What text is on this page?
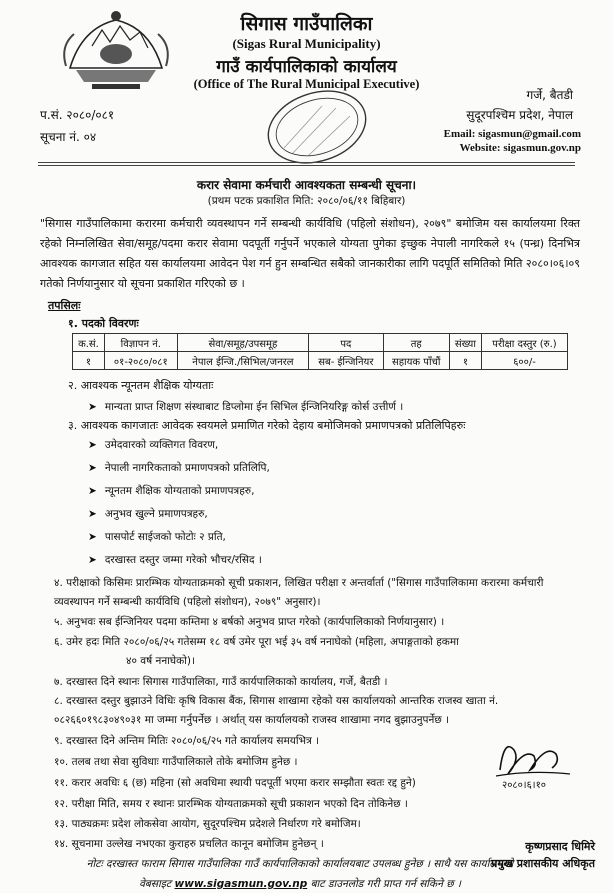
सिगास गाउँपालिका
(Sigas Rural Municipality)
गाउँ कार्यपालिकाको कार्यालय
(Office of The Rural Municipal Executive)
प.सं. २०८०/०८१
सूचना नं. ०४
गर्जे, बैतडी
सुदूरपश्चिम प्रदेश, नेपाल
Email: sigasmun@gmail.com
Website: sigasmun.gov.np
करार सेवामा कर्मचारी आवश्यकता सम्बन्धी सूचना।
(प्रथम पटक प्रकाशित मिति: २०८०/०६/११ बिहिबार)
"सिगास गाउँपालिकामा करारमा कर्मचारी व्यवस्थापन गर्ने सम्बन्धी कार्यविधि (पहिलो संशोधन), २०७९" बमोजिम यस कार्यालयमा रिक्त रहेको निम्नलिखित सेवा/समूह/पदमा करार सेवामा पदपूर्ती गर्नुपर्ने भएकाले योग्यता पुगेका इच्छुक नेपाली नागरिकले १५ (पन्ध्र) दिनभित्र आवश्यक कागजात सहित यस कार्यालयमा आवेदन पेश गर्न हुन सम्बन्धित सबैको जानकारीका लागि पदपूर्ति समितिको मिति २०८०।०६।०९ गतेको निर्णयानुसार यो सूचना प्रकाशित गरिएको छ ।
तपसिलः
१. पदको विवरणः
क.सं.	विज्ञापन नं.	सेवा/समूह/उपसमूह	पद	तह	संख्या	परीक्षा दस्तुर (रु.)
१	०१-२०८०/०८१	नेपाल ईन्जि./सिभिल/जनरल	सब- ईन्जिनियर	सहायक पाँचौं	१	६००/-
२. आवश्यक न्यूनतम शैक्षिक योग्यताः
➤ मान्यता प्राप्त शिक्षण संस्थाबाट डिप्लोमा ईन सिभिल ईन्जिनियरिङ्ग कोर्स उत्तीर्ण ।
३. आवश्यक कागजातः आवेदक स्वयमले प्रमाणित गरेको देहाय बमोजिमको प्रमाणपत्रको प्रतिलिपिहरुः
➤ उमेदवारको व्यक्तिगत विवरण,
➤ नेपाली नागरिकताको प्रमाणपत्रको प्रतिलिपि,
➤ न्यूनतम शैक्षिक योग्यताको प्रमाणपत्रहरु,
➤ अनुभव खुल्ने प्रमाणपत्रहरु,
➤ पासपोर्ट साईजको फोटोः २ प्रति,
➤ दरखास्त दस्तुर जम्मा गरेको भौचर/रसिद ।
४. परीक्षाको किसिमः प्रारम्भिक योग्यताक्रमको सूची प्रकाशन, लिखित परीक्षा र अन्तर्वार्ता ("सिगास गाउँपालिकामा करारमा कर्मचारी व्यवस्थापन गर्ने सम्बन्धी कार्यविधि (पहिलो संशोधन), २०७९" अनुसार)।
५. अनुभवः सब ईन्जिनियर पदमा कम्तिमा ४ बर्षको अनुभव प्राप्त गरेको (कार्यपालिकाको निर्णयानुसार) ।
६. उमेर हदः मिति २०८०/०६/२५ गतेसम्म १८ वर्ष उमेर पूरा भई ३५ वर्ष ननाघेको (महिला, अपाङ्गताको हकमा
४० वर्ष ननाघेको)।
७. दरखास्त दिने स्थानः सिगास गाउँपालिका, गाउँ कार्यपालिकाको कार्यालय, गर्जे, बैतडी ।
८. दरखास्त दस्तुर बुझाउने विधिः कृषि विकास बैंक, सिगास शाखामा रहेको यस कार्यालयको आन्तरिक राजस्व खाता नं.
०८२६६०१९८३०४९०३१ मा जम्मा गर्नुपर्नेछ । अर्थात् यस कार्यालयको राजस्व शाखामा नगद बुझाउनुपर्नेछ ।
९. दरखास्त दिने अन्तिम मितिः २०८०/०६/२५ गते कार्यालय समयभित्र ।
१०. तलब तथा सेवा सुविधाः गाउँपालिकाले तोके बमोजिम हुनेछ ।
११. करार अवधिः ६ (छ) महिना (सो अवधिमा स्थायी पदपूर्ती भएमा करार सम्झौता स्वतः रद्द हुने)
१२. परीक्षा मिति, समय र स्थानः प्रारम्भिक योग्यताक्रमको सूची प्रकाशन भएको दिन तोकिनेछ ।
१३. पाठ्यक्रमः प्रदेश लोकसेवा आयोग, सुदूरपश्चिम प्रदेशले निर्धारण गरे बमोजिम।
१४. सूचनामा उल्लेख नभएका कुराहरु प्रचलित कानून बमोजिम हुनेछन् ।
२०८०।६।१०
कृष्णप्रसाद धिमिरे
प्रमुख प्रशासकीय अधिकृत
नोटः दरखास्त फाराम सिगास गाउँपालिका गाउँ कार्यपालिकाको कार्यालयबाट उपलब्ध हुनेछ । साथै यस कार्यालयको
वेबसाइट www.sigasmun.gov.np बाट डाउनलोड गरी प्राप्त गर्न सकिने छ ।
